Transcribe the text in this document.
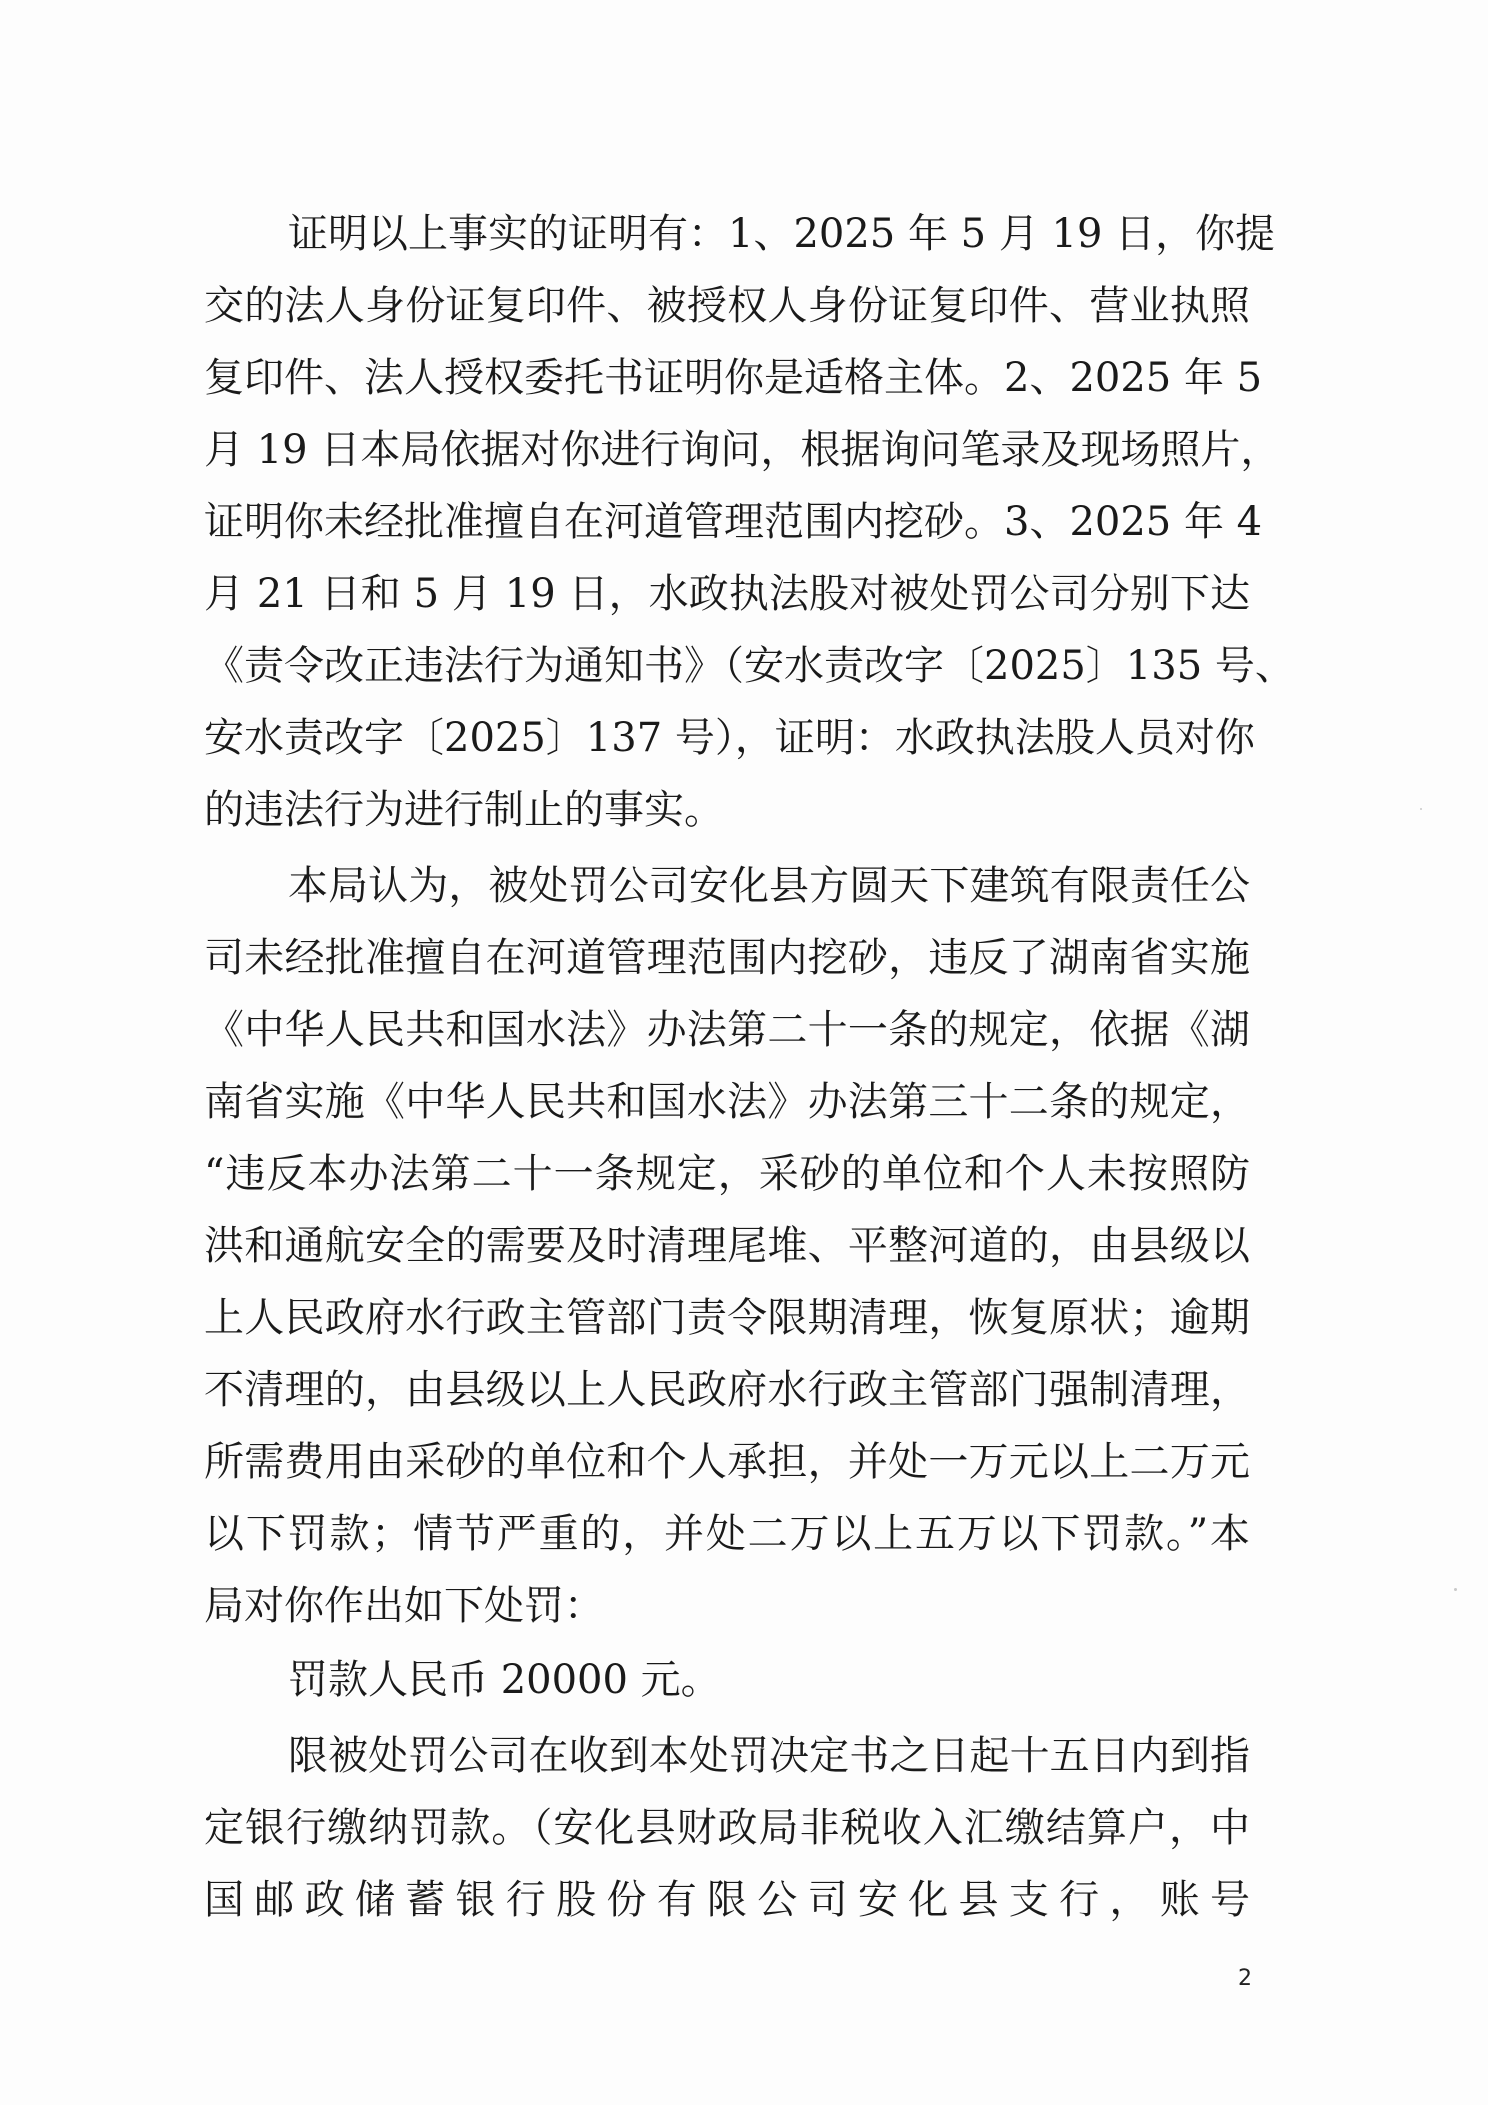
证明以上事实的证明有：1、2025 年 5 月 19 日，你提
交的法人身份证复印件、被授权人身份证复印件、营业执照
复印件、法人授权委托书证明你是适格主体。2、2025 年 5
月 19 日本局依据对你进行询问，根据询问笔录及现场照片，
证明你未经批准擅自在河道管理范围内挖砂。3、2025 年 4
月 21 日和 5 月 19 日，水政执法股对被处罚公司分别下达
《责令改正违法行为通知书》（安水责改字〔2025〕135 号、
安水责改字〔2025〕137 号），证明：水政执法股人员对你
的违法行为进行制止的事实。
本局认为，被处罚公司安化县方圆天下建筑有限责任公
司未经批准擅自在河道管理范围内挖砂，违反了湖南省实施
《中华人民共和国水法》办法第二十一条的规定，依据《湖
南省实施《中华人民共和国水法》办法第三十二条的规定，
“违反本办法第二十一条规定，采砂的单位和个人未按照防
洪和通航安全的需要及时清理尾堆、平整河道的，由县级以
上人民政府水行政主管部门责令限期清理，恢复原状；逾期
不清理的，由县级以上人民政府水行政主管部门强制清理，
所需费用由采砂的单位和个人承担，并处一万元以上二万元
以下罚款；情节严重的，并处二万以上五万以下罚款。”本
局对你作出如下处罚：
罚款人民币 20000 元。
限被处罚公司在收到本处罚决定书之日起十五日内到指
定银行缴纳罚款。（安化县财政局非税收入汇缴结算户，中
国邮政储蓄银行股份有限公司安化县支行，账号
2
